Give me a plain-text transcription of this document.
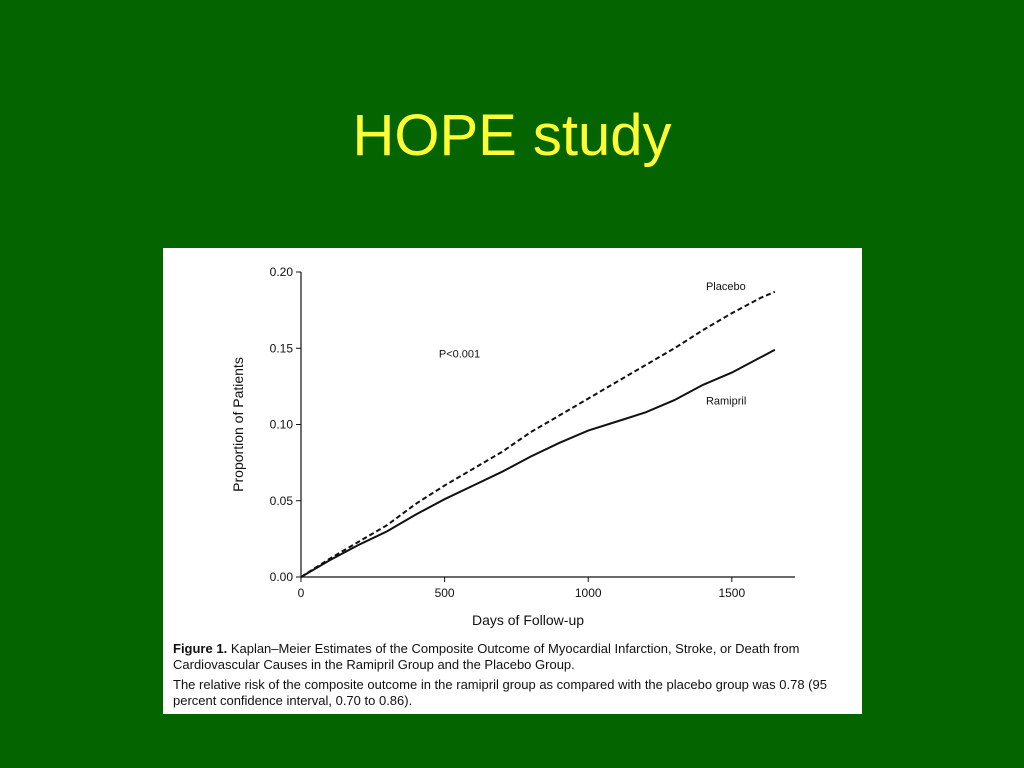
HOPE study
0.00
0.05
0.10
0.15
0.20
0	500	1000	1500
Days of Follow-up
Proportion of Patients
P<0.001
Placebo
Ramipril

Figure 1. Kaplan–Meier Estimates of the Composite Outcome of Myocardial Infarction, Stroke, or Death from Cardiovascular Causes in the Ramipril Group and the Placebo Group.

The relative risk of the composite outcome in the ramipril group as compared with the placebo group was 0.78 (95 percent confidence interval, 0.70 to 0.86).
